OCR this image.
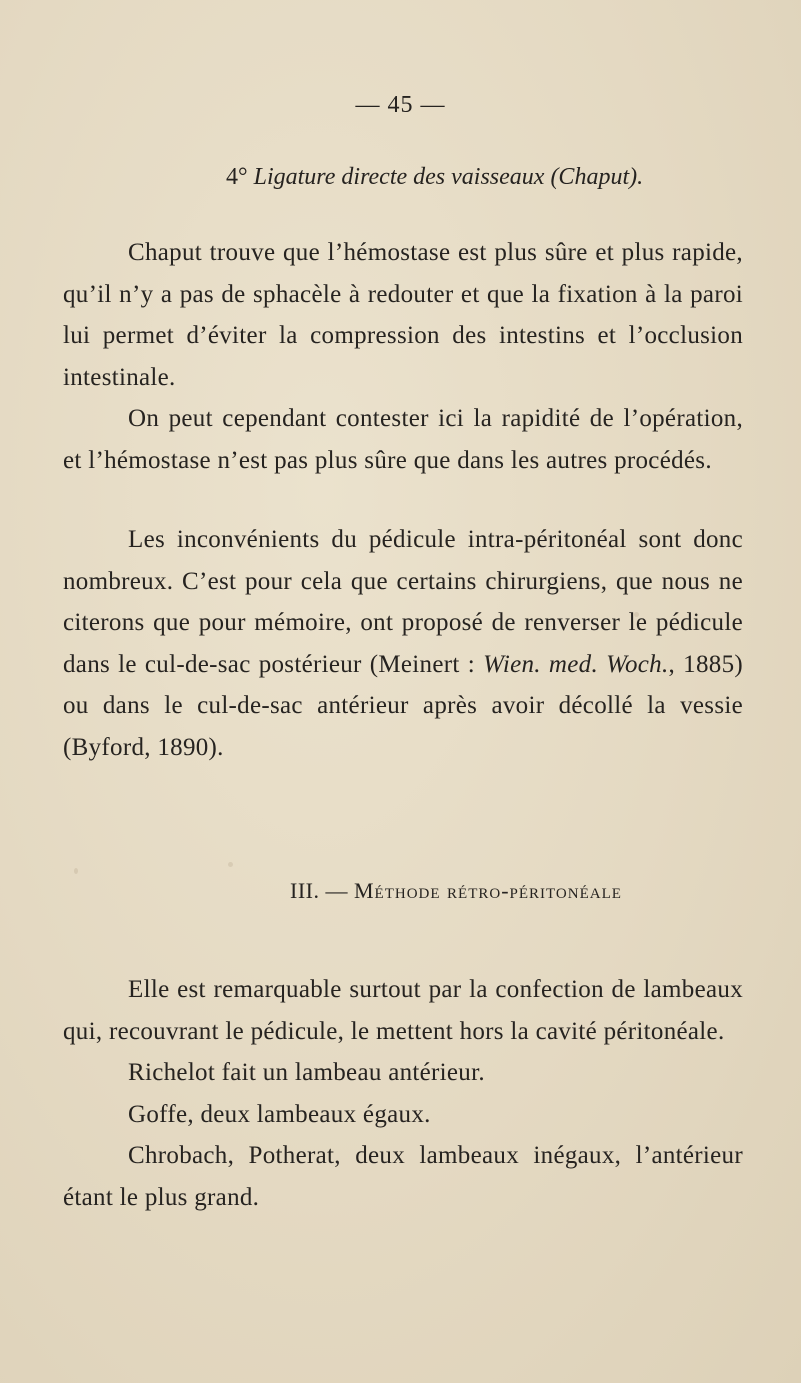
— 45 —
4° Ligature directe des vaisseaux (Chaput).

Chaput trouve que l’hémostase est plus sûre et plus rapide, qu’il n’y a pas de sphacèle à redouter et que la fixation à la paroi lui permet d’éviter la compression des intestins et l’occlusion intestinale.

On peut cependant contester ici la rapidité de l’opération, et l’hémostase n’est pas plus sûre que dans les autres procédés.

Les inconvénients du pédicule intra-péritonéal sont donc nombreux. C’est pour cela que certains chirurgiens, que nous ne citerons que pour mémoire, ont proposé de renverser le pédicule dans le cul-de-sac postérieur (Meinert : Wien. med. Woch., 1885) ou dans le cul-de-sac antérieur après avoir décollé la vessie (Byford, 1890).

III. — Méthode rétro-péritonéale

Elle est remarquable surtout par la confection de lambeaux qui, recouvrant le pédicule, le mettent hors la cavité péritonéale.

Richelot fait un lambeau antérieur.

Goffe, deux lambeaux égaux.

Chrobach, Potherat, deux lambeaux inégaux, l’antérieur étant le plus grand.
